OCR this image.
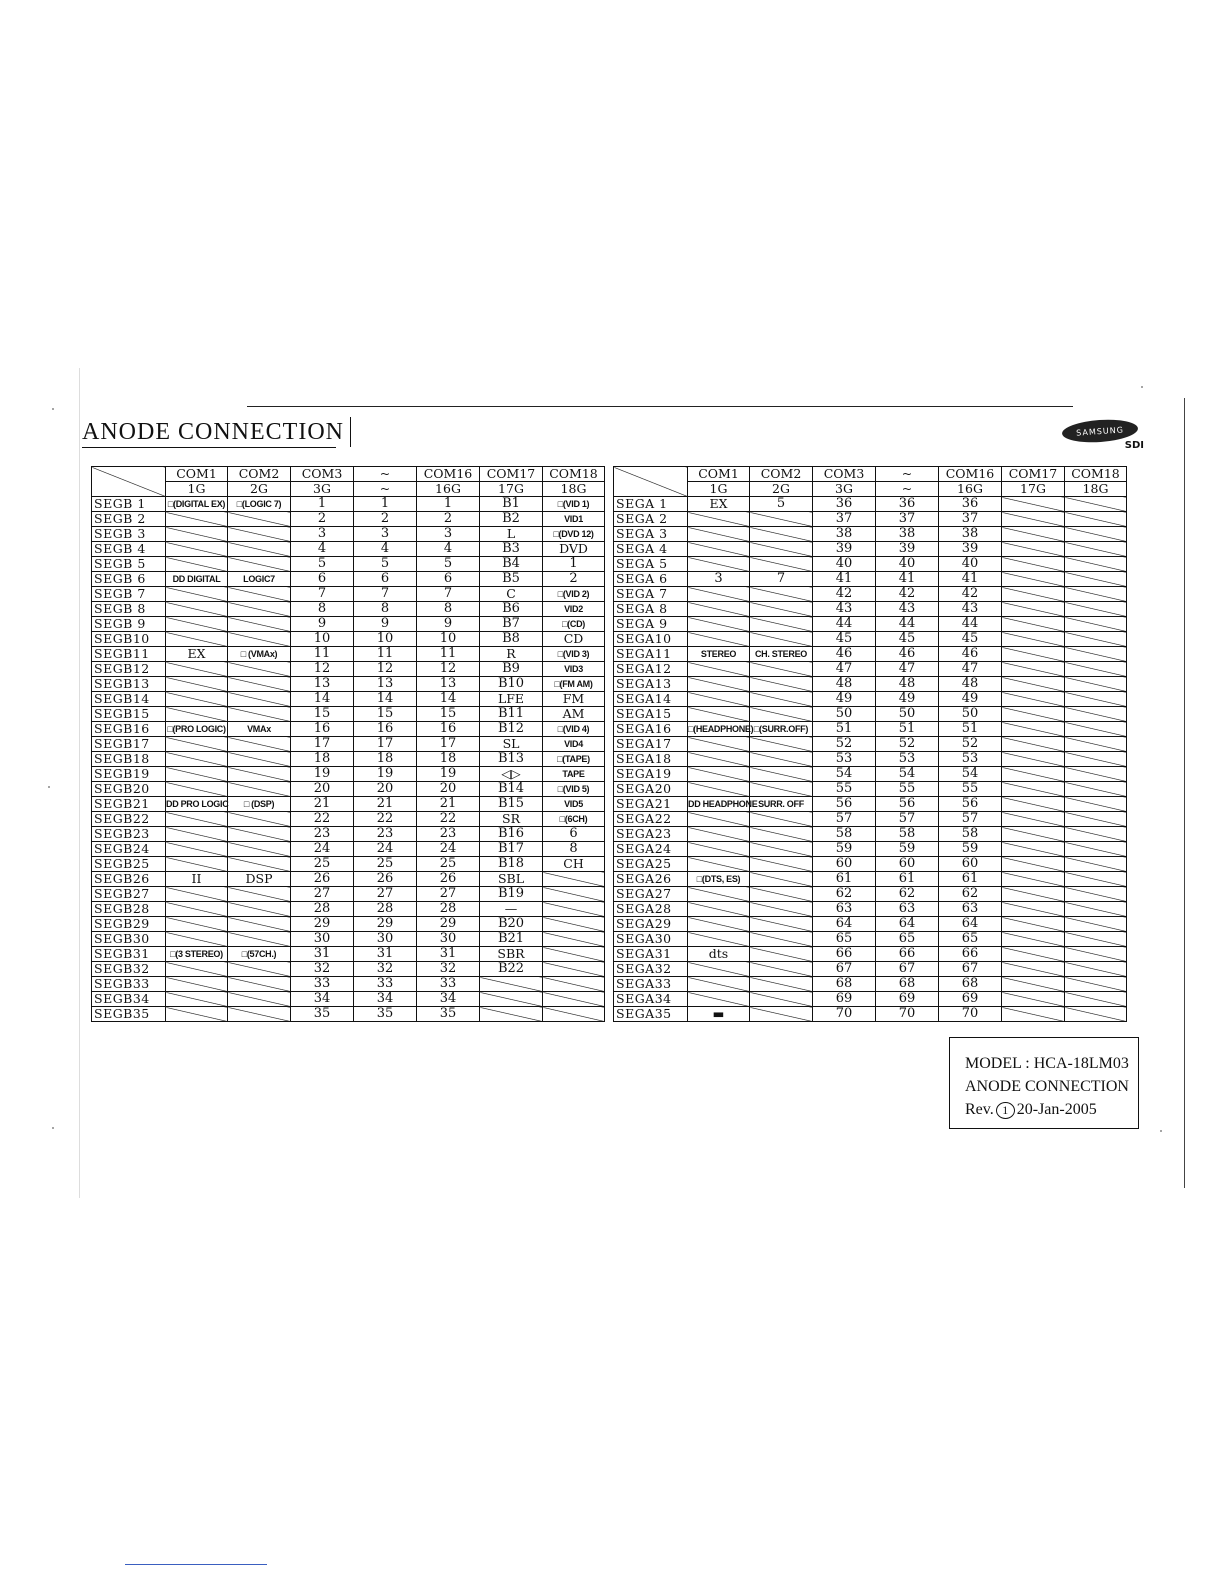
ANODE CONNECTION	SAMSUNG
SDI
	COM1	COM2	COM3	~	COM16	COM17	COM18
	1G	2G	3G	~	16G	17G	18G
SEGB 1	□(DIGITAL EX)	□(LOGIC 7)	1	1	1	B1	□(VID 1)
SEGB 2			2	2	2	B2	VID1
SEGB 3			3	3	3	L	□(DVD 12)
SEGB 4			4	4	4	B3	DVD
SEGB 5			5	5	5	B4	1
SEGB 6	DD DIGITAL	LOGIC7	6	6	6	B5	2
SEGB 7			7	7	7	C	□(VID 2)
SEGB 8			8	8	8	B6	VID2
SEGB 9			9	9	9	B7	□(CD)
SEGB10			10	10	10	B8	CD
SEGB11	EX	□ (VMAx)	11	11	11	R	□(VID 3)
SEGB12			12	12	12	B9	VID3
SEGB13			13	13	13	B10	□(FM AM)
SEGB14			14	14	14	LFE	FM
SEGB15			15	15	15	B11	AM
SEGB16	□(PRO LOGIC)	VMAx	16	16	16	B12	□(VID 4)
SEGB17			17	17	17	SL	VID4
SEGB18			18	18	18	B13	□(TAPE)
SEGB19			19	19	19	◁▷	TAPE
SEGB20			20	20	20	B14	□(VID 5)
SEGB21	DD PRO LOGIC	□ (DSP)	21	21	21	B15	VID5
SEGB22			22	22	22	SR	□(6CH)
SEGB23			23	23	23	B16	6
SEGB24			24	24	24	B17	8
SEGB25			25	25	25	B18	CH
SEGB26	II	DSP	26	26	26	SBL	
SEGB27			27	27	27	B19	
SEGB28			28	28	28	—	
SEGB29			29	29	29	B20	
SEGB30			30	30	30	B21	
SEGB31	□(3 STEREO)	□(57CH.)	31	31	31	SBR	
SEGB32			32	32	32	B22	
SEGB33			33	33	33		
SEGB34			34	34	34		
SEGB35			35	35	35		
	COM1	COM2	COM3	~	COM16	COM17	COM18
	1G	2G	3G	~	16G	17G	18G
SEGA 1	EX	5	36	36	36		
SEGA 2			37	37	37		
SEGA 3			38	38	38		
SEGA 4			39	39	39		
SEGA 5			40	40	40		
SEGA 6	3	7	41	41	41		
SEGA 7			42	42	42		
SEGA 8			43	43	43		
SEGA 9			44	44	44		
SEGA10			45	45	45		
SEGA11	STEREO	CH. STEREO	46	46	46		
SEGA12			47	47	47		
SEGA13			48	48	48		
SEGA14			49	49	49		
SEGA15			50	50	50		
SEGA16	□(HEADPHONE)	□(SURR.OFF)	51	51	51		
SEGA17			52	52	52		
SEGA18			53	53	53		
SEGA19			54	54	54		
SEGA20			55	55	55		
SEGA21	DD HEADPHONE	SURR. OFF	56	56	56		
SEGA22			57	57	57		
SEGA23			58	58	58		
SEGA24			59	59	59		
SEGA25			60	60	60		
SEGA26	□(DTS, ES)		61	61	61		
SEGA27			62	62	62		
SEGA28			63	63	63		
SEGA29			64	64	64		
SEGA30			65	65	65		
SEGA31	dts		66	66	66		
SEGA32			67	67	67		
SEGA33			68	68	68		
SEGA34			69	69	69		
SEGA35	▬		70	70	70		
MODEL : HCA-18LM03
ANODE CONNECTION
Rev. 1 20-Jan-2005
